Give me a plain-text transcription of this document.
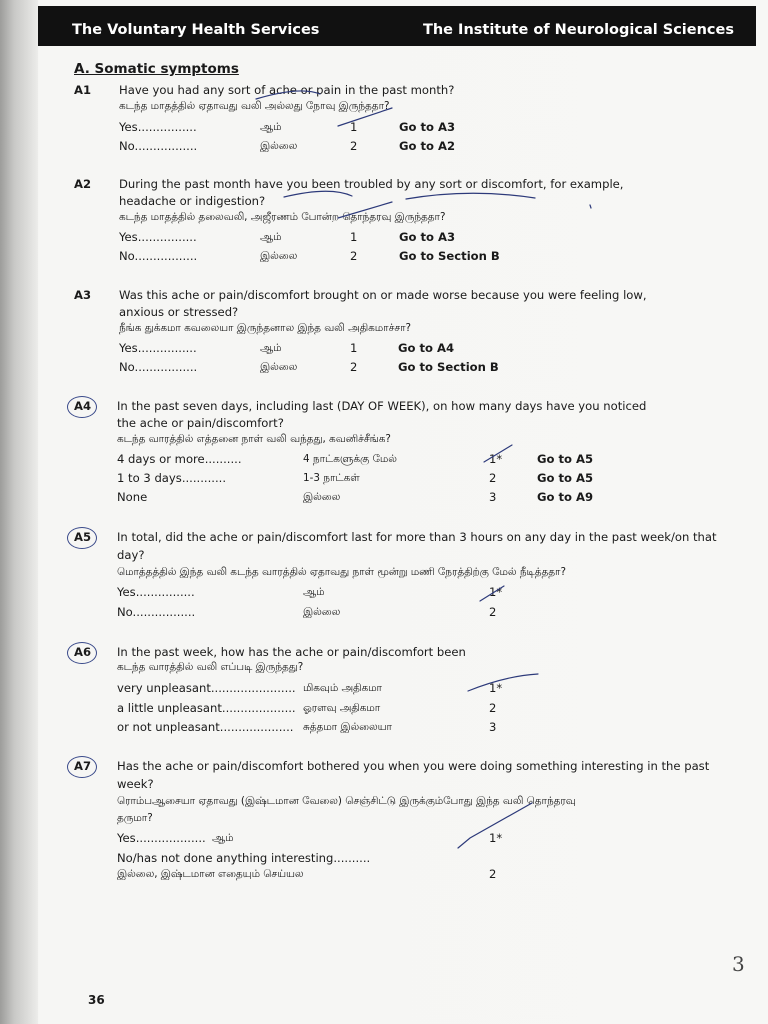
The Voluntary Health Services	The Institute of Neurological Sciences
A. Somatic symptoms
A1 Have you had any sort of ache or pain in the past month?
கடந்த மாதத்தில் ஏதாவது வலி அல்லது நோவு இருந்ததா?
Yes................	ஆம்	1	Go to A3
No.................	இல்லை	2	Go to A2
A2 During the past month have you been troubled by any sort or discomfort, for example,
headache or indigestion?
கடந்த மாதத்தில் தலைவலி, அஜீரணம் போன்ற தொந்தரவு இருந்ததா?
Yes................	ஆம்	1	Go to A3
No.................	இல்லை	2	Go to Section B
A3 Was this ache or pain/discomfort brought on or made worse because you were feeling low,
anxious or stressed?
நீங்க துக்கமா கவலையா இருந்தனால இந்த வலி அதிகமாச்சா?
Yes................	ஆம்	1	Go to A4
No.................	இல்லை	2	Go to Section B
A4 In the past seven days, including last (DAY OF WEEK), on how many days have you noticed
the ache or pain/discomfort?
கடந்த வாரத்தில் எத்தனை நாள் வலி வந்தது, கவனிச்சீங்க?
4 days or more..........	4 நாட்களுக்கு மேல்	1*	Go to A5
1 to 3 days............	1-3 நாட்கள்	2	Go to A5
None	இல்லை	3	Go to A9
A5 In total, did the ache or pain/discomfort last for more than 3 hours on any day in the past week/on that
day?
மொத்தத்தில் இந்த வலி கடந்த வாரத்தில் ஏதாவது நாள் மூன்று மணி நேரத்திற்கு மேல் நீடித்ததா?
Yes................	ஆம்	1*
No.................	இல்லை	2
A6 In the past week, how has the ache or pain/discomfort been
கடந்த வாரத்தில் வலி எப்படி இருந்தது?
very unpleasant....................... மிகவும் அதிகமா	1*
a little unpleasant.................... ஓரளவு அதிகமா	2
or not unpleasant.................... சுத்தமா இல்லையா	3
A7 Has the ache or pain/discomfort bothered you when you were doing something interesting in the past
week?
ரொம்பஆசையா ஏதாவது (இஷ்டமான வேலை) செஞ்சிட்டு இருக்கும்போது இந்த வலி தொந்தரவு
தருமா?
Yes................... ஆம்	1*
No/has not done anything interesting..........
இல்லை, இஷ்டமான எதையும் செய்யல	2
36
3
